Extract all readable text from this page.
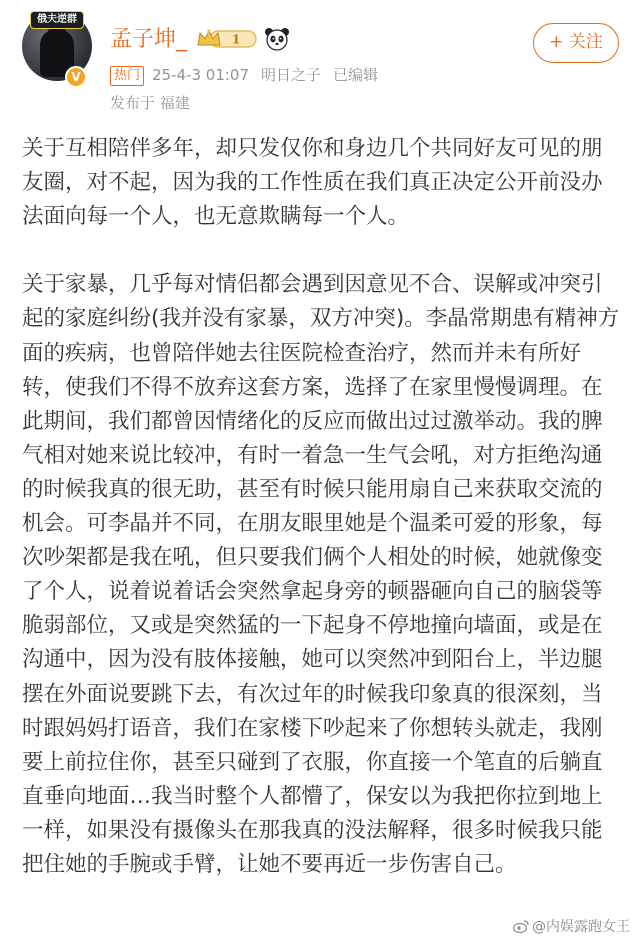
俄夫逆群
V
孟子坤_	1	+ 关注
热门 25-4-3 01:07 明日之子 已编辑
发布于 福建

关于互相陪伴多年，却只发仅你和身边几个共同好友可见的朋友圈，对不起，因为我的工作性质在我们真正决定公开前没办法面向每一个人，也无意欺瞒每一个人。

关于家暴，几乎每对情侣都会遇到因意见不合、误解或冲突引起的家庭纠纷(我并没有家暴，双方冲突)。李晶常期患有精神方面的疾病，也曾陪伴她去往医院检查治疗，然而并未有所好转，使我们不得不放弃这套方案，选择了在家里慢慢调理。在此期间，我们都曾因情绪化的反应而做出过过激举动。我的脾气相对她来说比较冲，有时一着急一生气会吼，对方拒绝沟通的时候我真的很无助，甚至有时候只能用扇自己来获取交流的机会。可李晶并不同，在朋友眼里她是个温柔可爱的形象，每次吵架都是我在吼，但只要我们俩个人相处的时候，她就像变了个人，说着说着话会突然拿起身旁的顿器砸向自己的脑袋等脆弱部位，又或是突然猛的一下起身不停地撞向墙面，或是在沟通中，因为没有肢体接触，她可以突然冲到阳台上，半边腿摆在外面说要跳下去，有次过年的时候我印象真的很深刻，当时跟妈妈打语音，我们在家楼下吵起来了你想转头就走，我刚要上前拉住你，甚至只碰到了衣服，你直接一个笔直的后躺直直垂向地面…我当时整个人都懵了，保安以为我把你拉到地上一样，如果没有摄像头在那我真的没法解释，很多时候我只能把住她的手腕或手臂，让她不要再近一步伤害自己。

@内娱露跑女王
